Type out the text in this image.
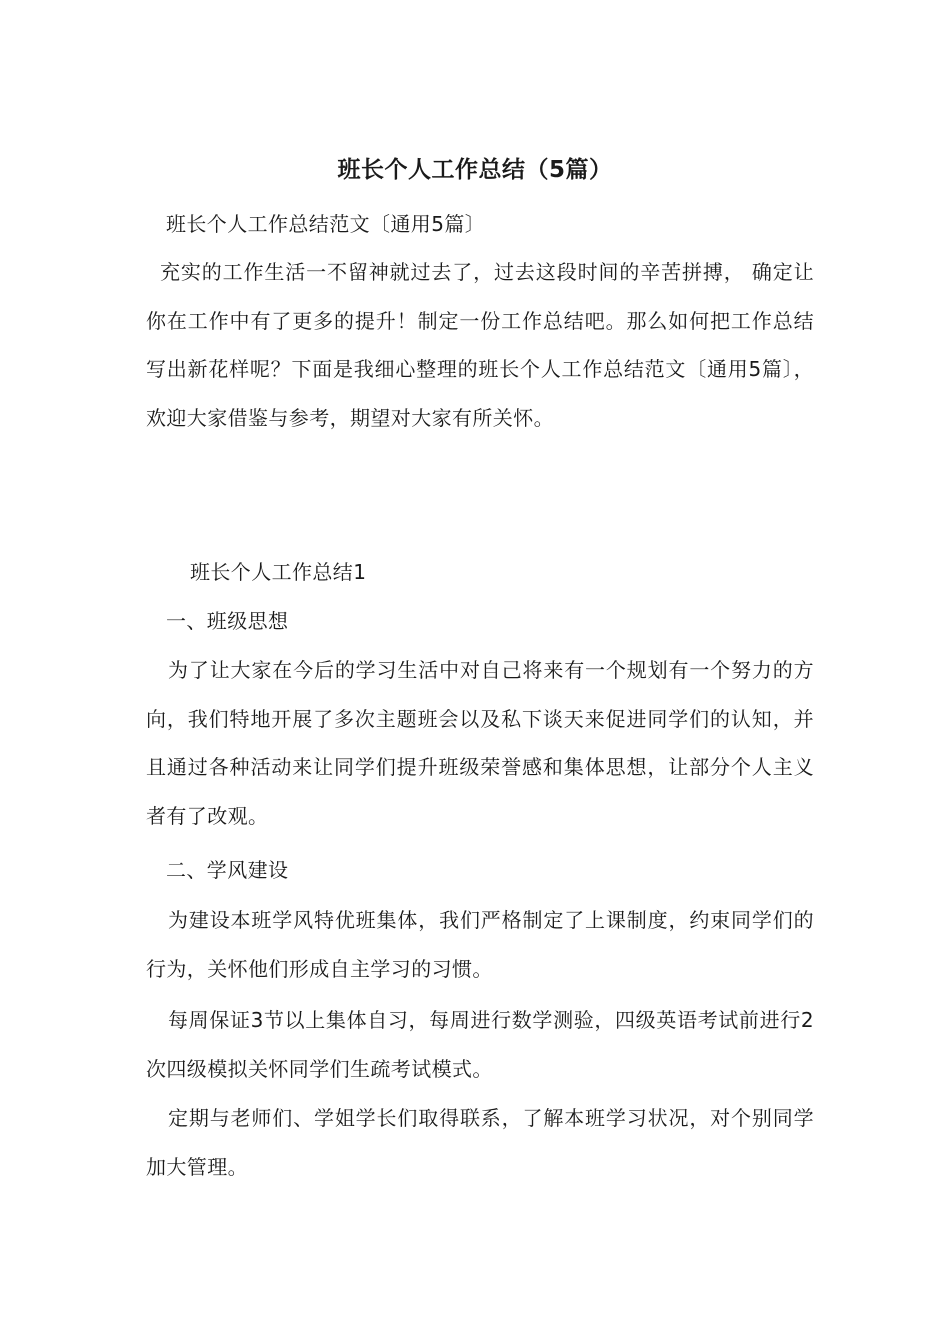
班长个人工作总结（5篇）
班长个人工作总结范文〔通用5篇〕
充实的工作生活一不留神就过去了，过去这段时间的辛苦拼搏， 确定让你在工作中有了更多的提升！制定一份工作总结吧。那么如何把工作总结写出新花样呢？下面是我细心整理的班长个人工作总结范文〔通用5篇〕，欢迎大家借鉴与参考，期望对大家有所关怀。
班长个人工作总结1
一、班级思想
为了让大家在今后的学习生活中对自己将来有一个规划有一个努力的方向，我们特地开展了多次主题班会以及私下谈天来促进同学们的认知，并且通过各种活动来让同学们提升班级荣誉感和集体思想，让部分个人主义者有了改观。
二、学风建设
为建设本班学风特优班集体，我们严格制定了上课制度，约束同学们的行为，关怀他们形成自主学习的习惯。
每周保证3节以上集体自习，每周进行数学测验，四级英语考试前进行2次四级模拟关怀同学们生疏考试模式。
定期与老师们、学姐学长们取得联系，了解本班学习状况，对个别同学加大管理。
